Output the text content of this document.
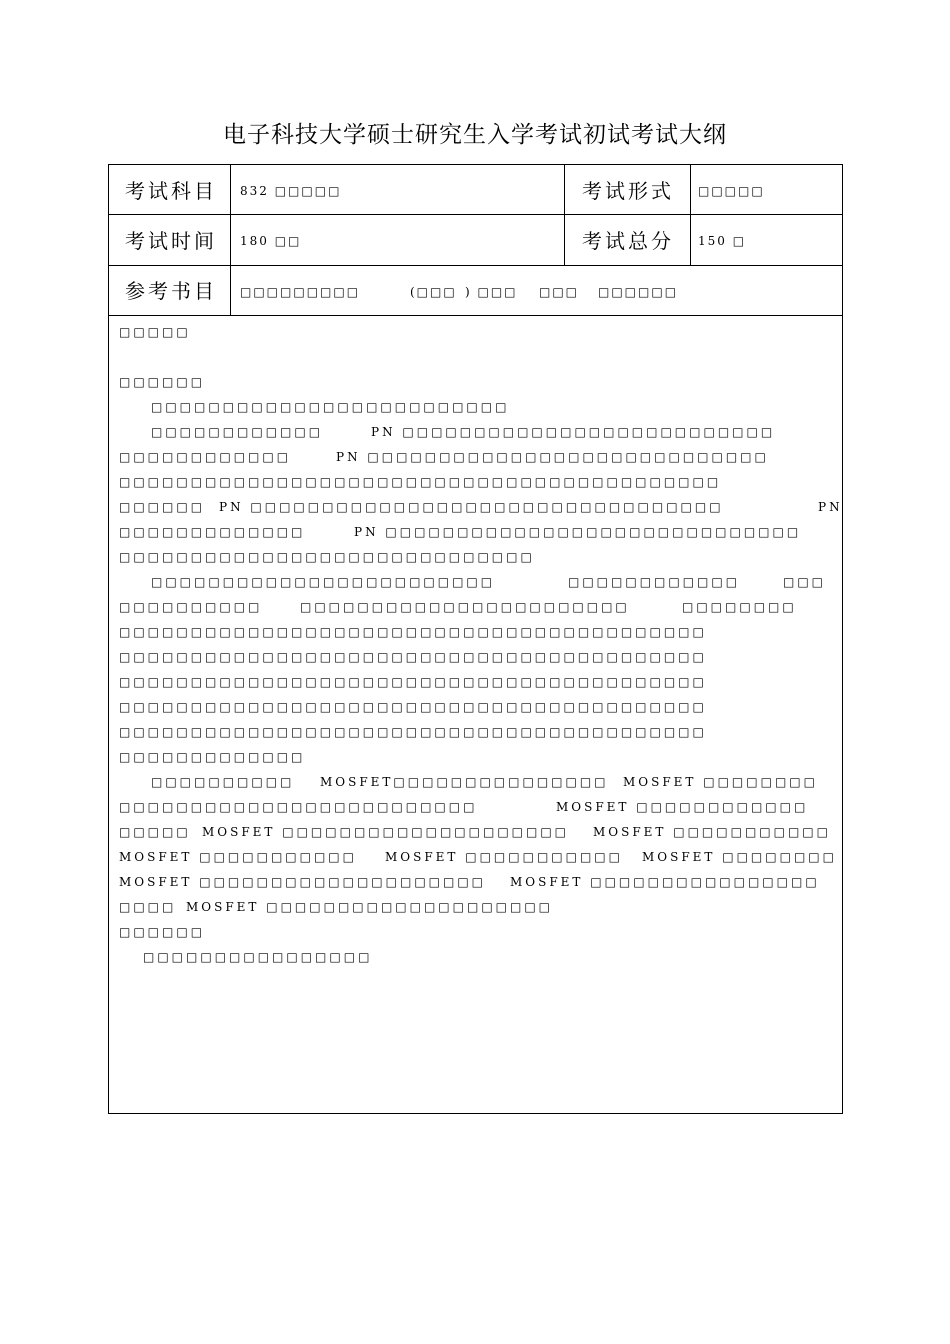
电子科技大学硕士研究生入学考试初试考试大纲
考试科目 832 □□□□□	考试形式 □□□□□
考试时间 180 □□	考试总分 150 □
参考书目 □□□□□□□□□	(□□□ ) □□□ □□□ □□□□□□
□□□□□
□□□□□□
□□□□□□□□□□□□□□□□□□□□□□□□□
□□□□□□□□□□□□	PN □□□□□□□□□□□□□□□□□□□□□□□□□□
□□□□□□□□□□□□	PN □□□□□□□□□□□□□□□□□□□□□□□□□□□□
□□□□□□□□□□□□□□□□□□□□□□□□□□□□□□□□□□□□□□□□□□
□□□□□□ PN □□□□□□□□□□□□□□□□□□□□□□□□□□□□□□□□□	PN
□□□□□□□□□□□□□	PN □□□□□□□□□□□□□□□□□□□□□□□□□□□□□
□□□□□□□□□□□□□□□□□□□□□□□□□□□□□
□□□□□□□□□□□□□□□□□□□□□□□□	□□□□□□□□□□□□	□□□
□□□□□□□□□□	□□□□□□□□□□□□□□□□□□□□□□□	□□□□□□□□
□□□□□□□□□□□□□□□□□□□□□□□□□□□□□□□□□□□□□□□□□
□□□□□□□□□□□□□□□□□□□□□□□□□□□□□□□□□□□□□□□□□
□□□□□□□□□□□□□□□□□□□□□□□□□□□□□□□□□□□□□□□□□
□□□□□□□□□□□□□□□□□□□□□□□□□□□□□□□□□□□□□□□□□
□□□□□□□□□□□□□□□□□□□□□□□□□□□□□□□□□□□□□□□□□
□□□□□□□□□□□□□
□□□□□□□□□□ MOSFET□□□□□□□□□□□□□□□ MOSFET □□□□□□□□
□□□□□□□□□□□□□□□□□□□□□□□□□	MOSFET □□□□□□□□□□□□
□□□□□ MOSFET □□□□□□□□□□□□□□□□□□□□ MOSFET □□□□□□□□□□□
MOSFET □□□□□□□□□□□ MOSFET □□□□□□□□□□□ MOSFET □□□□□□□□
MOSFET □□□□□□□□□□□□□□□□□□□□ MOSFET □□□□□□□□□□□□□□□□
□□□□ MOSFET □□□□□□□□□□□□□□□□□□□□
□□□□□□
□□□□□□□□□□□□□□□□
